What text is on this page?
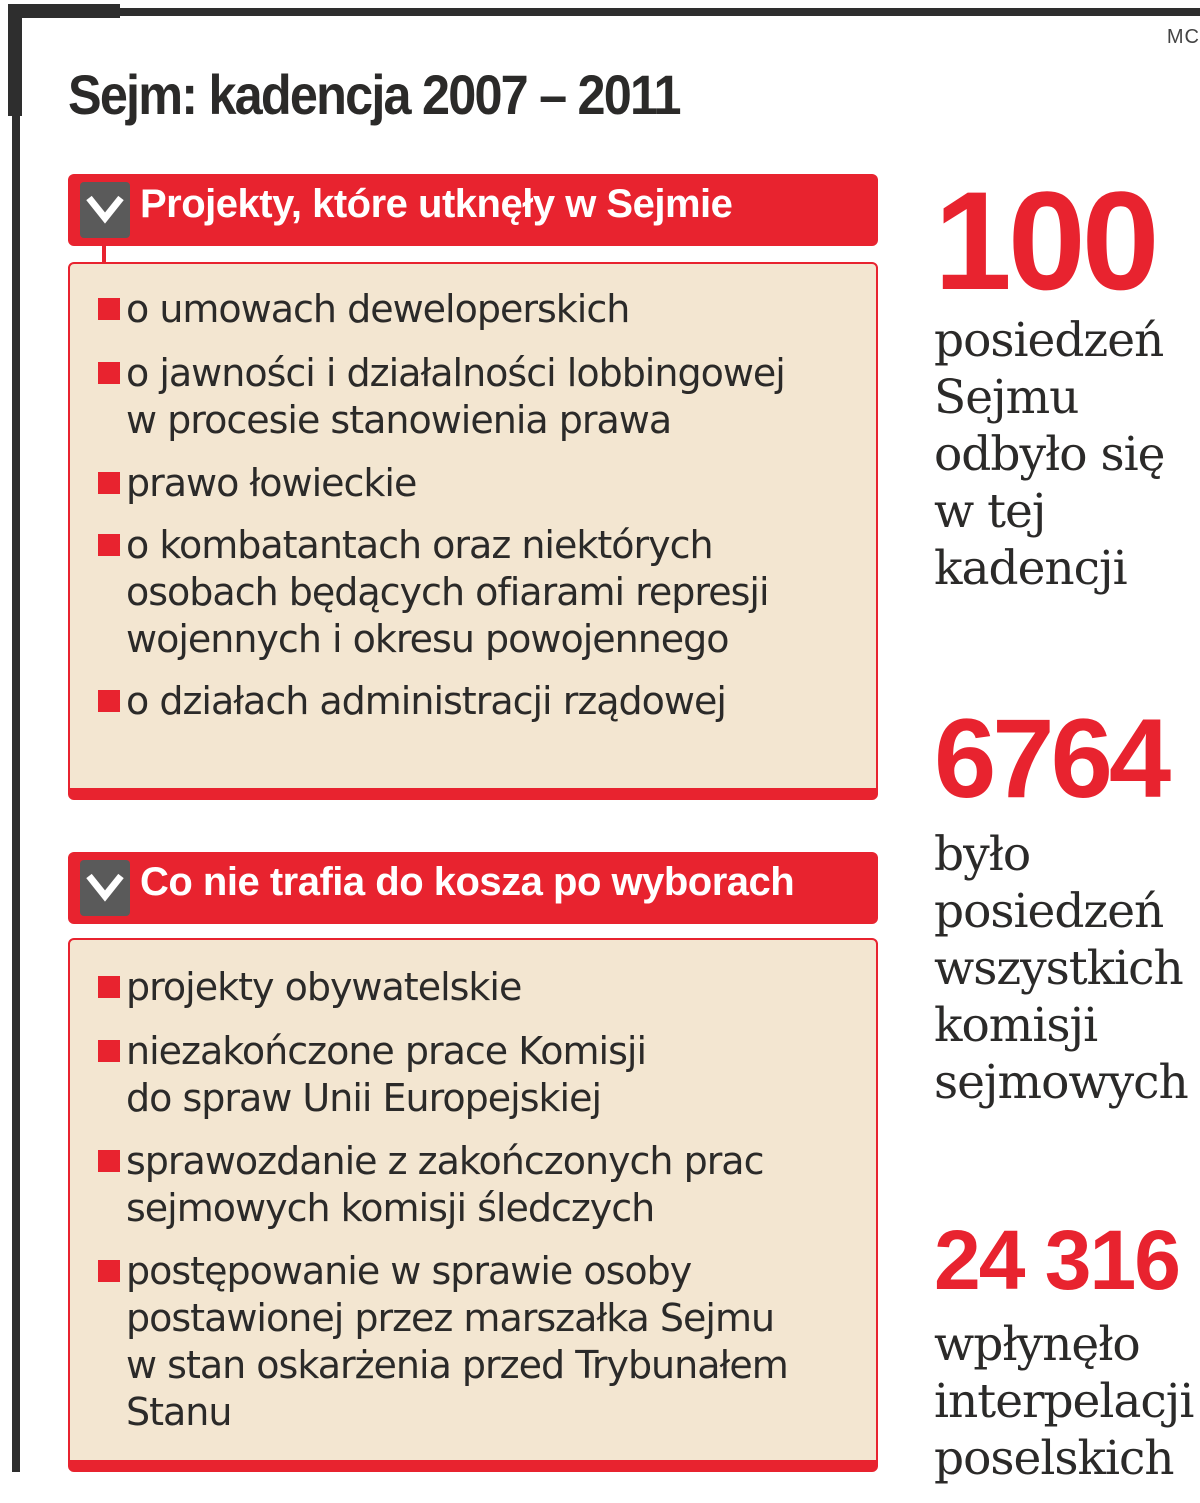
MC
Sejm: kadencja 2007 – 2011
Projekty, które utknęły w Sejmie
o umowach deweloperskich
o jawności i działalności lobbingowej
w procesie stanowienia prawa
prawo łowieckie
o kombatantach oraz niektórych
osobach będących ofiarami represji
wojennych i okresu powojennego
o działach administracji rządowej
Co nie trafia do kosza po wyborach
projekty obywatelskie
niezakończone prace Komisji
do spraw Unii Europejskiej
sprawozdanie z zakończonych prac
sejmowych komisji śledczych
postępowanie w sprawie osoby
postawionej przez marszałka Sejmu
w stan oskarżenia przed Trybunałem
Stanu
100
posiedzeń
Sejmu
odbyło się
w tej
kadencji
6764
było
posiedzeń
wszystkich
komisji
sejmowych
24 316
wpłynęło
interpelacji
poselskich
